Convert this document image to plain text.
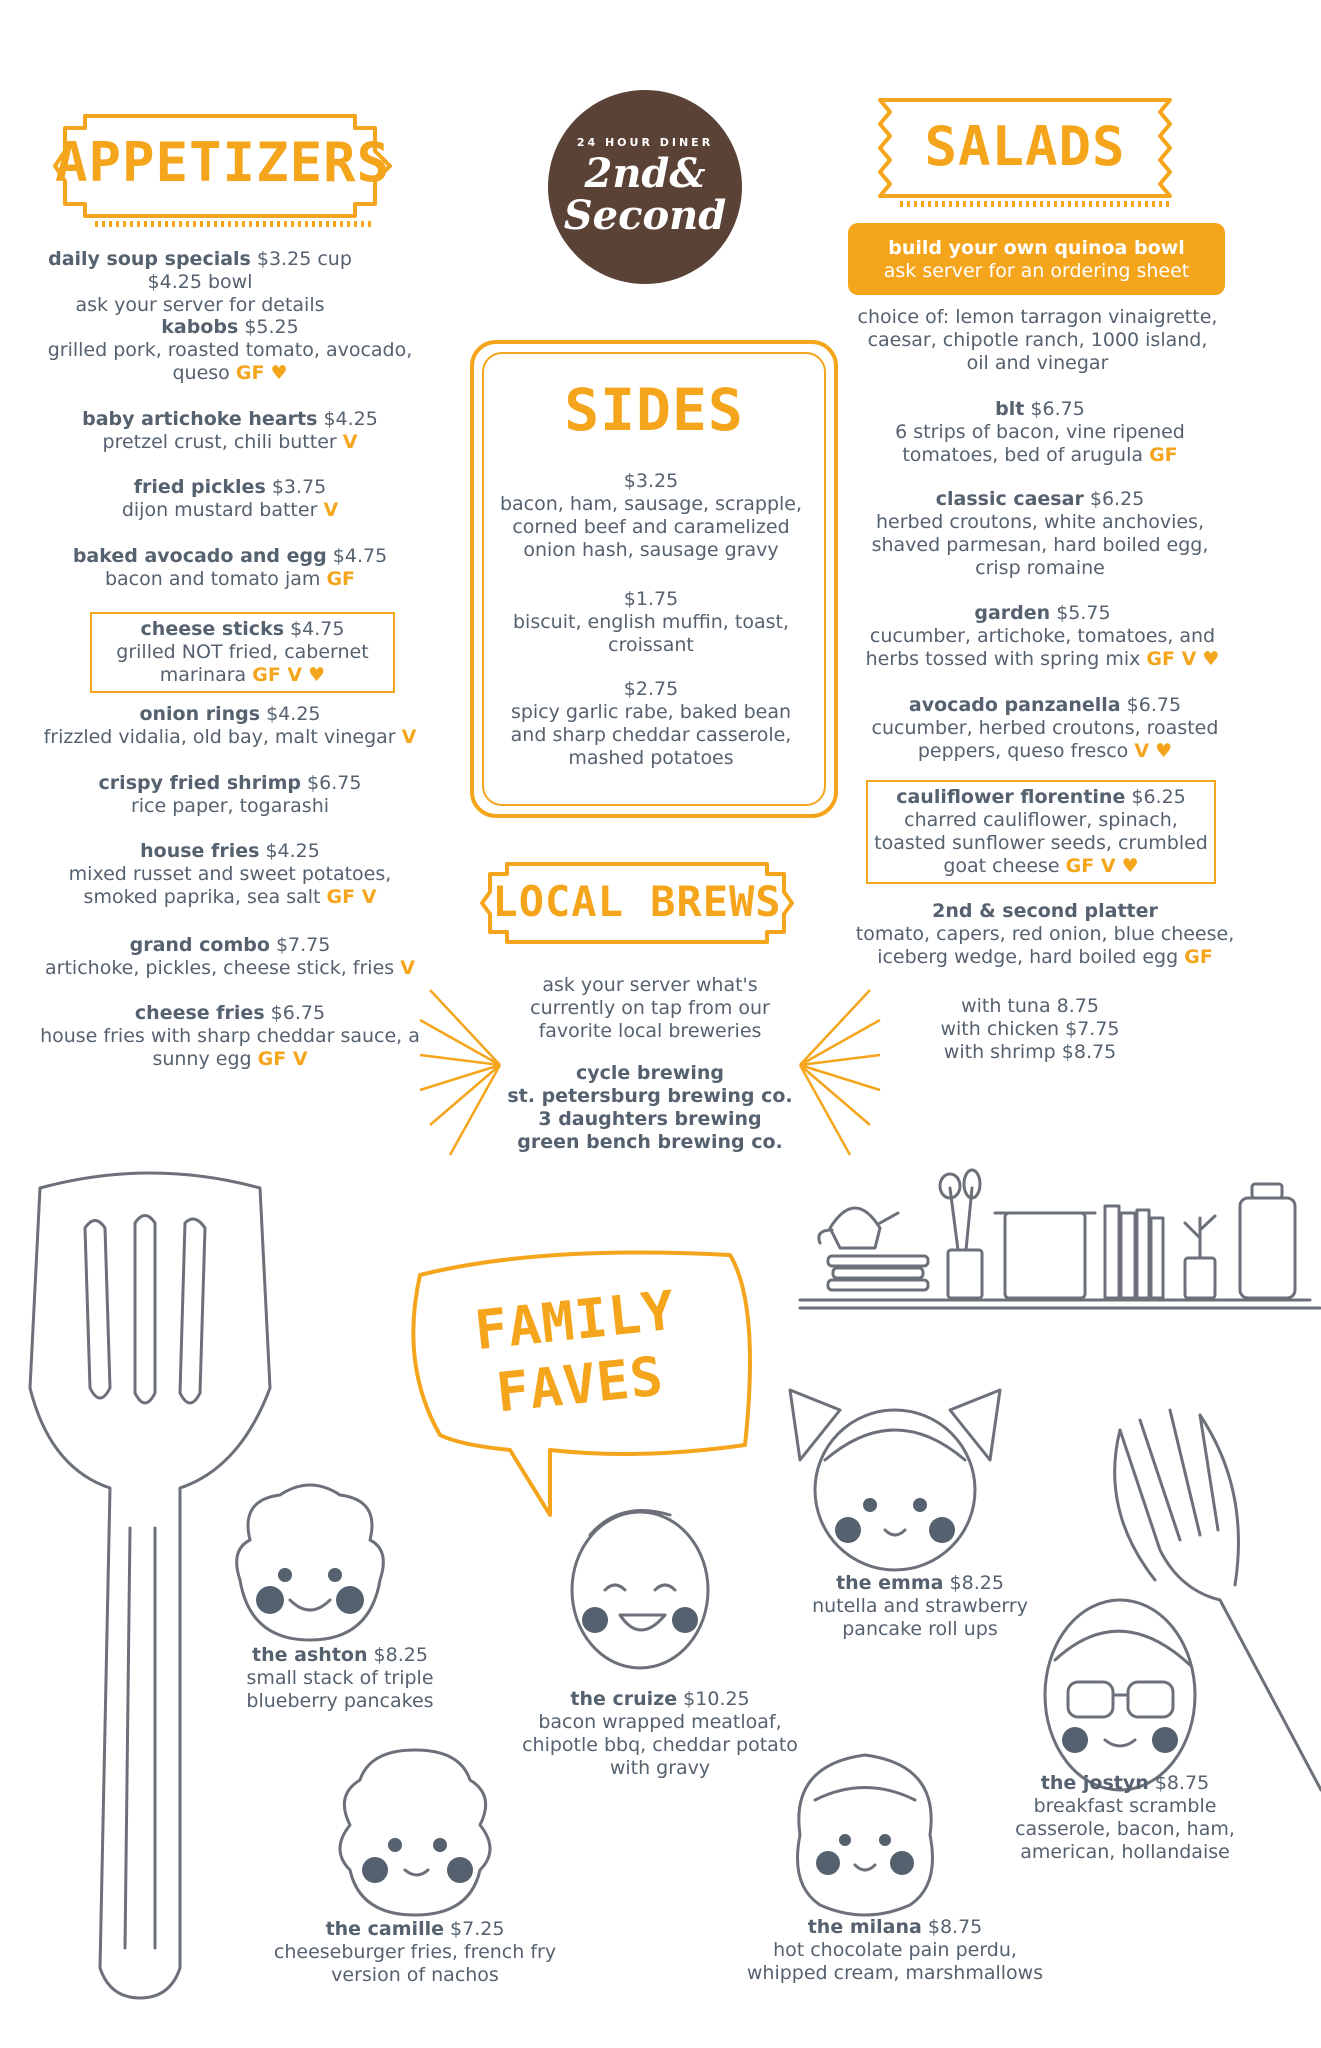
APPETIZERS	24 HOUR DINER
2nd&
Second
SALADS
daily soup specials $3.25 cup $4.25 bowl
ask your server for details
kabobs $5.25
grilled pork, roasted tomato, avocado, queso GF ♥
baby artichoke hearts $4.25
pretzel crust, chili butter V
fried pickles $3.75
dijon mustard batter V
baked avocado and egg $4.75
bacon and tomato jam GF
cheese sticks $4.75
grilled NOT fried, cabernet marinara GF V ♥
onion rings $4.25
frizzled vidalia, old bay, malt vinegar V
crispy fried shrimp $6.75
rice paper, togarashi
house fries $4.25
mixed russet and sweet potatoes, smoked paprika, sea salt GF V
grand combo $7.75
artichoke, pickles, cheese stick, fries V
cheese fries $6.75
house fries with sharp cheddar sauce, a sunny egg GF V
SIDES
$3.25
bacon, ham, sausage, scrapple, corned beef and caramelized onion hash, sausage gravy
$1.75
biscuit, english muffin, toast, croissant
$2.75
spicy garlic rabe, baked bean and sharp cheddar casserole, mashed potatoes
LOCAL BREWS
ask your server what's currently on tap from our favorite local breweries
cycle brewing
st. petersburg brewing co.
3 daughters brewing
green bench brewing co.
build your own quinoa bowl
ask server for an ordering sheet
choice of: lemon tarragon vinaigrette, caesar, chipotle ranch, 1000 island, oil and vinegar
blt $6.75
6 strips of bacon, vine ripened tomatoes, bed of arugula GF
classic caesar $6.25
herbed croutons, white anchovies, shaved parmesan, hard boiled egg, crisp romaine
garden $5.75
cucumber, artichoke, tomatoes, and herbs tossed with spring mix GF V ♥
avocado panzanella $6.75
cucumber, herbed croutons, roasted peppers, queso fresco V ♥
cauliflower florentine $6.25
charred cauliflower, spinach, toasted sunflower seeds, crumbled goat cheese GF V ♥
2nd & second platter
tomato, capers, red onion, blue cheese, iceberg wedge, hard boiled egg GF
with tuna 8.75
with chicken $7.75
with shrimp $8.75
FAMILY
FAVES
the ashton $8.25
small stack of triple blueberry pancakes	the cruize $10.25
bacon wrapped meatloaf, chipotle bbq, cheddar potato with gravy
the emma $8.25
nutella and strawberry pancake roll ups
the jostyn $8.75
breakfast scramble casserole, bacon, ham, american, hollandaise
the camille $7.25
cheeseburger fries, french fry version of nachos
the milana $8.75
hot chocolate pain perdu, whipped cream, marshmallows
